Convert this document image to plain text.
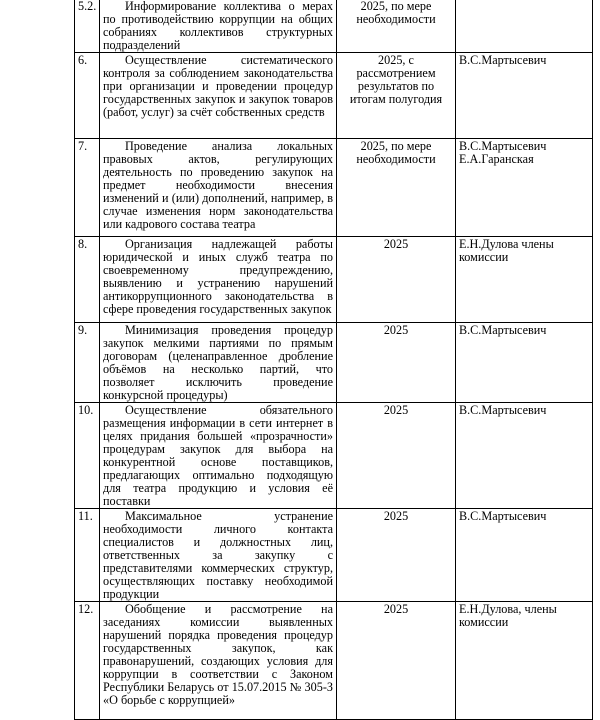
5.2.	Информирование коллектива о мерах по противодействию коррупции на общих собраниях коллективов структурных подразделений	2025, по мере необходимости	
6.	Осуществление систематического контроля за соблюдением законодательства при организации и проведении процедур государственных закупок и закупок товаров (работ, услуг) за счёт собственных средств	2025, с рассмотрением результатов по итогам полугодия	В.С.Мартысевич
7.	Проведение анализа локальных правовых актов, регулирующих деятельность по проведению закупок на предмет необходимости внесения изменений и (или) дополнений, например, в случае изменения норм законодательства или кадрового состава театра	2025, по мере необходимости	В.С.Мартысевич Е.А.Гаранская
8.	Организация надлежащей работы юридической и иных служб театра по своевременному предупреждению, выявлению и устранению нарушений антикоррупционного законодательства в сфере проведения государственных закупок	2025	Е.Н.Дулова члены комиссии
9.	Минимизация проведения процедур закупок мелкими партиями по прямым договорам (целенаправленное дробление объёмов на несколько партий, что позволяет исключить проведение конкурсной процедуры)	2025	В.С.Мартысевич
10.	Осуществление обязательного размещения информации в сети интернет в целях придания большей «прозрачности» процедурам закупок для выбора на конкурентной основе поставщиков, предлагающих оптимально подходящую для театра продукцию и условия её поставки	2025	В.С.Мартысевич
11.	Максимальное устранение необходимости личного контакта специалистов и должностных лиц, ответственных за закупку с представителями коммерческих структур, осуществляющих поставку необходимой продукции	2025	В.С.Мартысевич
12.	Обобщение и рассмотрение на заседаниях комиссии выявленных нарушений порядка проведения процедур государственных закупок, как правонарушений, создающих условия для коррупции в соответствии с Законом Республики Беларусь от 15.07.2015 № 305-З «О борьбе с коррупцией»	2025	Е.Н.Дулова, члены комиссии
